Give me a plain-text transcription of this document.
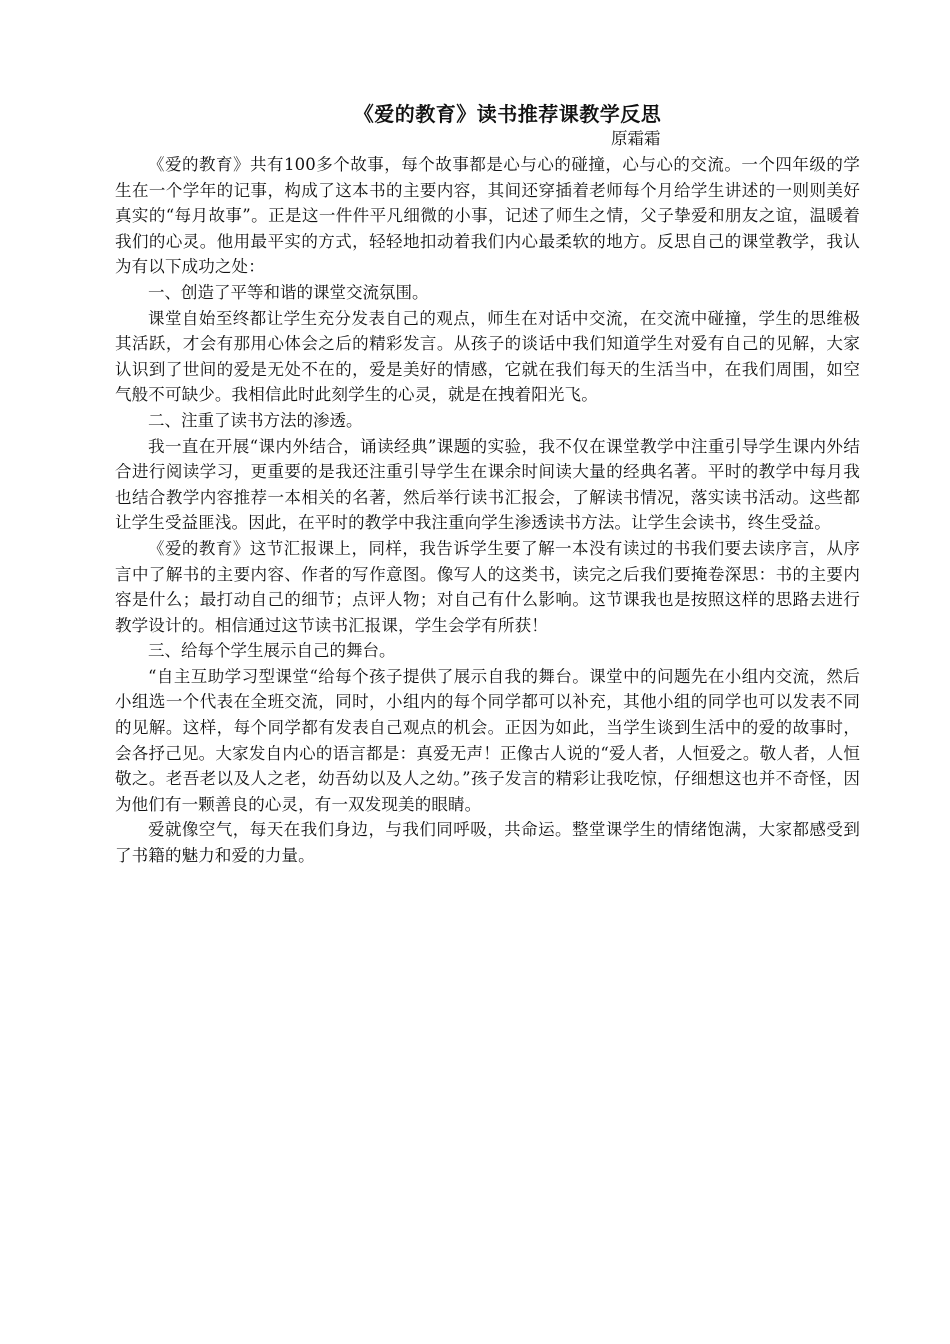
《爱的教育》读书推荐课教学反思

原霜霜

《爱的教育》共有100多个故事，每个故事都是心与心的碰撞，心与心的交流。一个四年级的学生在一个学年的记事，构成了这本书的主要内容，其间还穿插着老师每个月给学生讲述的一则则美好真实的“每月故事”。正是这一件件平凡细微的小事，记述了师生之情，父子挚爱和朋友之谊，温暖着我们的心灵。他用最平实的方式，轻轻地扣动着我们内心最柔软的地方。反思自己的课堂教学，我认为有以下成功之处：

一、创造了平等和谐的课堂交流氛围。

课堂自始至终都让学生充分发表自己的观点，师生在对话中交流，在交流中碰撞，学生的思维极其活跃，才会有那用心体会之后的精彩发言。从孩子的谈话中我们知道学生对爱有自己的见解，大家认识到了世间的爱是无处不在的，爱是美好的情感，它就在我们每天的生活当中，在我们周围，如空气般不可缺少。我相信此时此刻学生的心灵，就是在拽着阳光飞。

二、注重了读书方法的渗透。

我一直在开展“课内外结合，诵读经典”课题的实验，我不仅在课堂教学中注重引导学生课内外结合进行阅读学习，更重要的是我还注重引导学生在课余时间读大量的经典名著。平时的教学中每月我也结合教学内容推荐一本相关的名著，然后举行读书汇报会，了解读书情况，落实读书活动。这些都让学生受益匪浅。因此，在平时的教学中我注重向学生渗透读书方法。让学生会读书，终生受益。

《爱的教育》这节汇报课上，同样，我告诉学生要了解一本没有读过的书我们要去读序言，从序言中了解书的主要内容、作者的写作意图。像写人的这类书，读完之后我们要掩卷深思：书的主要内容是什么；最打动自己的细节；点评人物；对自己有什么影响。这节课我也是按照这样的思路去进行教学设计的。相信通过这节读书汇报课，学生会学有所获！

三、给每个学生展示自己的舞台。

“自主互助学习型课堂“给每个孩子提供了展示自我的舞台。课堂中的问题先在小组内交流，然后小组选一个代表在全班交流，同时，小组内的每个同学都可以补充，其他小组的同学也可以发表不同的见解。这样，每个同学都有发表自己观点的机会。正因为如此，当学生谈到生活中的爱的故事时，会各抒己见。大家发自内心的语言都是：真爱无声！正像古人说的“爱人者，人恒爱之。敬人者，人恒敬之。老吾老以及人之老，幼吾幼以及人之幼。”孩子发言的精彩让我吃惊，仔细想这也并不奇怪，因为他们有一颗善良的心灵，有一双发现美的眼睛。

爱就像空气，每天在我们身边，与我们同呼吸，共命运。整堂课学生的情绪饱满，大家都感受到了书籍的魅力和爱的力量。
